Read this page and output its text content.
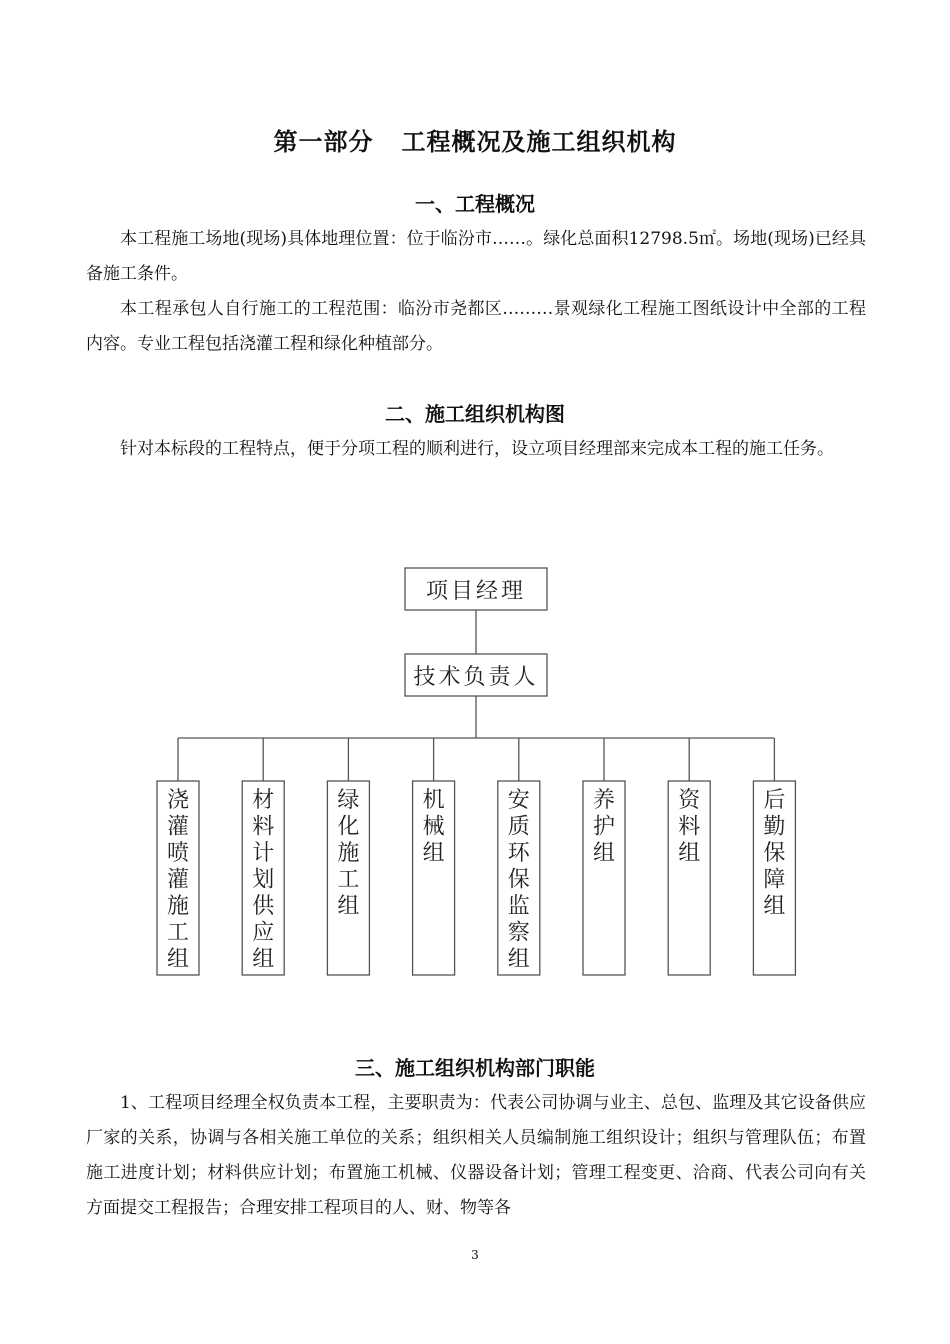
第一部分 工程概况及施工组织机构
一、工程概况

本工程施工场地(现场)具体地理位置：位于临汾市……。绿化总面积12798.5㎡。场地(现场)已经具备施工条件。

本工程承包人自行施工的工程范围：临汾市尧都区………景观绿化工程施工图纸设计中全部的工程内容。专业工程包括浇灌工程和绿化种植部分。

二、施工组织机构图

针对本标段的工程特点，便于分项工程的顺利进行，设立项目经理部来完成本工程的施工任务。

浇灌喷灌施工组
材料计划供应组
绿化施工组
机械组
安质环保监察组
养护组
资料组
后勤保障组
项目经理
技术负责人
三、施工组织机构部门职能

1、工程项目经理全权负责本工程，主要职责为：代表公司协调与业主、总包、监理及其它设备供应厂家的关系，协调与各相关施工单位的关系；组织相关人员编制施工组织设计；组织与管理队伍；布置施工进度计划；材料供应计划；布置施工机械、仪器设备计划；管理工程变更、洽商、代表公司向有关方面提交工程报告；合理安排工程项目的人、财、物等各

3
